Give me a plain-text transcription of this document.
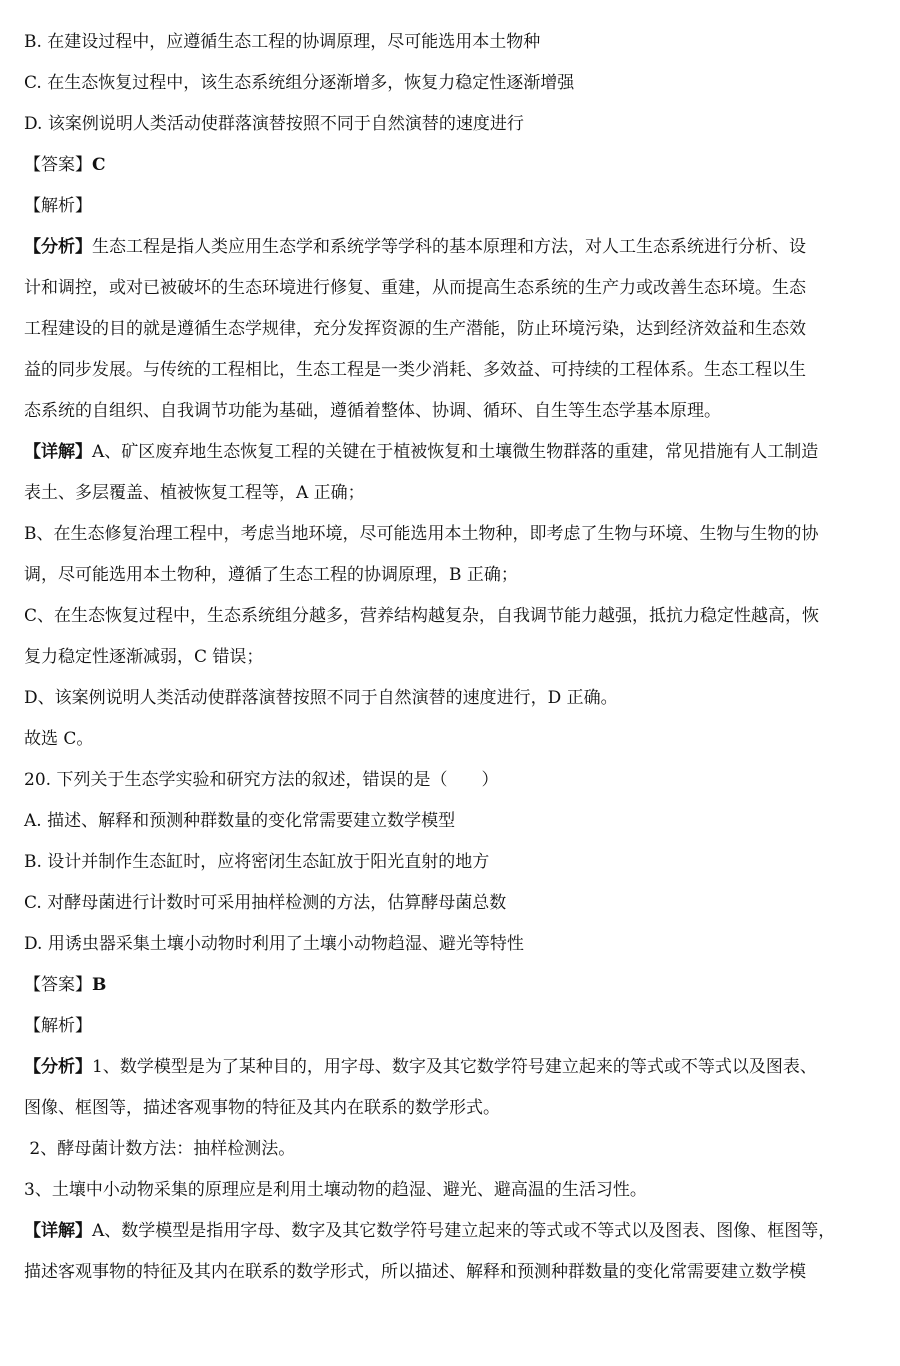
B. 在建设过程中，应遵循生态工程的协调原理，尽可能选用本土物种
C. 在生态恢复过程中，该生态系统组分逐渐增多，恢复力稳定性逐渐增强
D. 该案例说明人类活动使群落演替按照不同于自然演替的速度进行
【答案】C
【解析】
【分析】生态工程是指人类应用生态学和系统学等学科的基本原理和方法，对人工生态系统进行分析、设
计和调控，或对已被破坏的生态环境进行修复、重建，从而提高生态系统的生产力或改善生态环境。生态
工程建设的目的就是遵循生态学规律，充分发挥资源的生产潜能，防止环境污染，达到经济效益和生态效
益的同步发展。与传统的工程相比，生态工程是一类少消耗、多效益、可持续的工程体系。生态工程以生
态系统的自组织、自我调节功能为基础，遵循着整体、协调、循环、自生等生态学基本原理。
【详解】A、矿区废弃地生态恢复工程的关键在于植被恢复和土壤微生物群落的重建，常见措施有人工制造
表土、多层覆盖、植被恢复工程等，A 正确；
B、在生态修复治理工程中，考虑当地环境，尽可能选用本土物种，即考虑了生物与环境、生物与生物的协
调，尽可能选用本土物种，遵循了生态工程的协调原理，B 正确；
C、在生态恢复过程中，生态系统组分越多，营养结构越复杂，自我调节能力越强，抵抗力稳定性越高，恢
复力稳定性逐渐减弱，C 错误；
D、该案例说明人类活动使群落演替按照不同于自然演替的速度进行，D 正确。
故选 C。
20. 下列关于生态学实验和研究方法的叙述，错误的是（　　）
A. 描述、解释和预测种群数量的变化常需要建立数学模型
B. 设计并制作生态缸时，应将密闭生态缸放于阳光直射的地方
C. 对酵母菌进行计数时可采用抽样检测的方法，估算酵母菌总数
D. 用诱虫器采集土壤小动物时利用了土壤小动物趋湿、避光等特性
【答案】B
【解析】
【分析】1、数学模型是为了某种目的，用字母、数字及其它数学符号建立起来的等式或不等式以及图表、
图像、框图等，描述客观事物的特征及其内在联系的数学形式。
2、酵母菌计数方法：抽样检测法。
3、土壤中小动物采集的原理应是利用土壤动物的趋湿、避光、避高温的生活习性。
【详解】A、数学模型是指用字母、数字及其它数学符号建立起来的等式或不等式以及图表、图像、框图等，
描述客观事物的特征及其内在联系的数学形式，所以描述、解释和预测种群数量的变化常需要建立数学模
